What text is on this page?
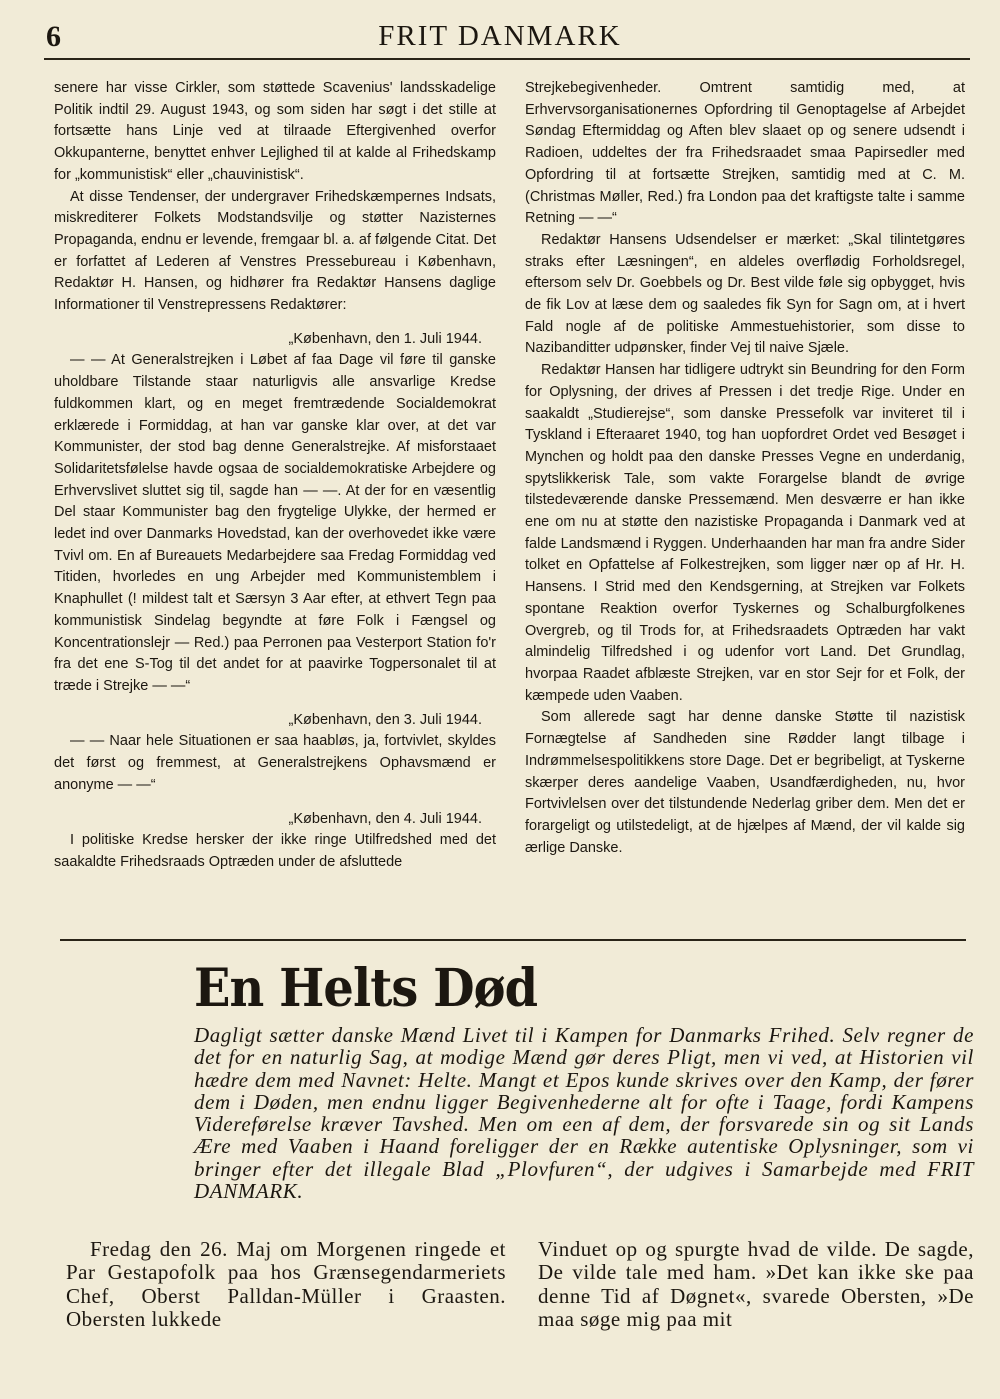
6	FRIT DANMARK

senere har visse Cirkler, som støttede Scavenius' landsskadelige Politik indtil 29. August 1943, og som siden har søgt i det stille at fortsætte hans Linje ved at tilraade Eftergivenhed overfor Okkupanterne, benyttet enhver Lejlighed til at kalde al Frihedskamp for „kommunistisk“ eller „chauvinistisk“.

At disse Tendenser, der undergraver Frihedskæmpernes Indsats, miskrediterer Folkets Modstandsvilje og støtter Nazisternes Propaganda, endnu er levende, fremgaar bl. a. af følgende Citat. Det er forfattet af Lederen af Venstres Pressebureau i København, Redaktør H. Hansen, og hidhører fra Redaktør Hansens daglige Informationer til Venstrepressens Redaktører:

„København, den 1. Juli 1944.

— — At Generalstrejken i Løbet af faa Dage vil føre til ganske uholdbare Tilstande staar naturligvis alle ansvarlige Kredse fuldkommen klart, og en meget fremtrædende Socialdemokrat erklærede i Formiddag, at han var ganske klar over, at det var Kommunister, der stod bag denne Generalstrejke. Af misforstaaet Solidaritetsfølelse havde ogsaa de socialdemokratiske Arbejdere og Erhvervslivet sluttet sig til, sagde han — —. At der for en væsentlig Del staar Kommunister bag den frygtelige Ulykke, der hermed er ledet ind over Danmarks Hovedstad, kan der overhovedet ikke være Tvivl om. En af Bureauets Medarbejdere saa Fredag Formiddag ved Titiden, hvorledes en ung Arbejder med Kommunistemblem i Knaphullet (! mildest talt et Særsyn 3 Aar efter, at ethvert Tegn paa kommunistisk Sindelag begyndte at føre Folk i Fængsel og Koncentrationslejr — Red.) paa Perronen paa Vesterport Station fo'r fra det ene S-Tog til det andet for at paavirke Togpersonalet til at træde i Strejke — —“

„København, den 3. Juli 1944.

— — Naar hele Situationen er saa haabløs, ja, fortvivlet, skyldes det først og fremmest, at Generalstrejkens Ophavsmænd er anonyme — —“

„København, den 4. Juli 1944.

I politiske Kredse hersker der ikke ringe Utilfredshed med det saakaldte Frihedsraads Optræden under de afsluttede

Strejkebegivenheder. Omtrent samtidig med, at Erhvervsorganisationernes Opfordring til Genoptagelse af Arbejdet Søndag Eftermiddag og Aften blev slaaet op og senere udsendt i Radioen, uddeltes der fra Frihedsraadet smaa Papirsedler med Opfordring til at fortsætte Strejken, samtidig med at C. M. (Christmas Møller, Red.) fra London paa det kraftigste talte i samme Retning — —“

Redaktør Hansens Udsendelser er mærket: „Skal tilintetgøres straks efter Læsningen“, en aldeles overflødig Forholdsregel, eftersom selv Dr. Goebbels og Dr. Best vilde føle sig opbygget, hvis de fik Lov at læse dem og saaledes fik Syn for Sagn om, at i hvert Fald nogle af de politiske Ammestuehistorier, som disse to Nazibanditter udpønsker, finder Vej til naive Sjæle.

Redaktør Hansen har tidligere udtrykt sin Beundring for den Form for Oplysning, der drives af Pressen i det tredje Rige. Under en saakaldt „Studierejse“, som danske Pressefolk var inviteret til i Tyskland i Efteraaret 1940, tog han uopfordret Ordet ved Besøget i Mynchen og holdt paa den danske Presses Vegne en underdanig, spytslikkerisk Tale, som vakte Forargelse blandt de øvrige tilstedeværende danske Pressemænd. Men desværre er han ikke ene om nu at støtte den nazistiske Propaganda i Danmark ved at falde Landsmænd i Ryggen. Underhaanden har man fra andre Sider tolket en Opfattelse af Folkestrejken, som ligger nær op af Hr. H. Hansens. I Strid med den Kendsgerning, at Strejken var Folkets spontane Reaktion overfor Tyskernes og Schalburgfolkenes Overgreb, og til Trods for, at Frihedsraadets Optræden har vakt almindelig Tilfredshed i og udenfor vort Land. Det Grundlag, hvorpaa Raadet afblæste Strejken, var en stor Sejr for et Folk, der kæmpede uden Vaaben.

Som allerede sagt har denne danske Støtte til nazistisk Fornægtelse af Sandheden sine Rødder langt tilbage i Indrømmelsespolitikkens store Dage. Det er begribeligt, at Tyskerne skærper deres aandelige Vaaben, Usandfærdigheden, nu, hvor Fortvivlelsen over det tilstundende Nederlag griber dem. Men det er forargeligt og utilstedeligt, at de hjælpes af Mænd, der vil kalde sig ærlige Danske.

En Helts Død
Dagligt sætter danske Mænd Livet til i Kampen for Danmarks Frihed. Selv regner de det for en naturlig Sag, at modige Mænd gør deres Pligt, men vi ved, at Historien vil hædre dem med Navnet: Helte. Mangt et Epos kunde skrives over den Kamp, der fører dem i Døden, men endnu ligger Begivenhederne alt for ofte i Taage, fordi Kampens Videreførelse kræver Tavshed. Men om een af dem, der forsvarede sin og sit Lands Ære med Vaaben i Haand foreligger der en Række autentiske Oplysninger, som vi bringer efter det illegale Blad „Plovfuren“, der udgives i Samarbejde med FRIT DANMARK.
Fredag den 26. Maj om Morgenen ringede et Par Gestapofolk paa hos Grænsegendarmeriets Chef, Oberst Palldan-Müller i Graasten. Obersten lukkede
Vinduet op og spurgte hvad de vilde. De sagde, De vilde tale med ham. »Det kan ikke ske paa denne Tid af Døgnet«, svarede Obersten, »De maa søge mig paa mit
